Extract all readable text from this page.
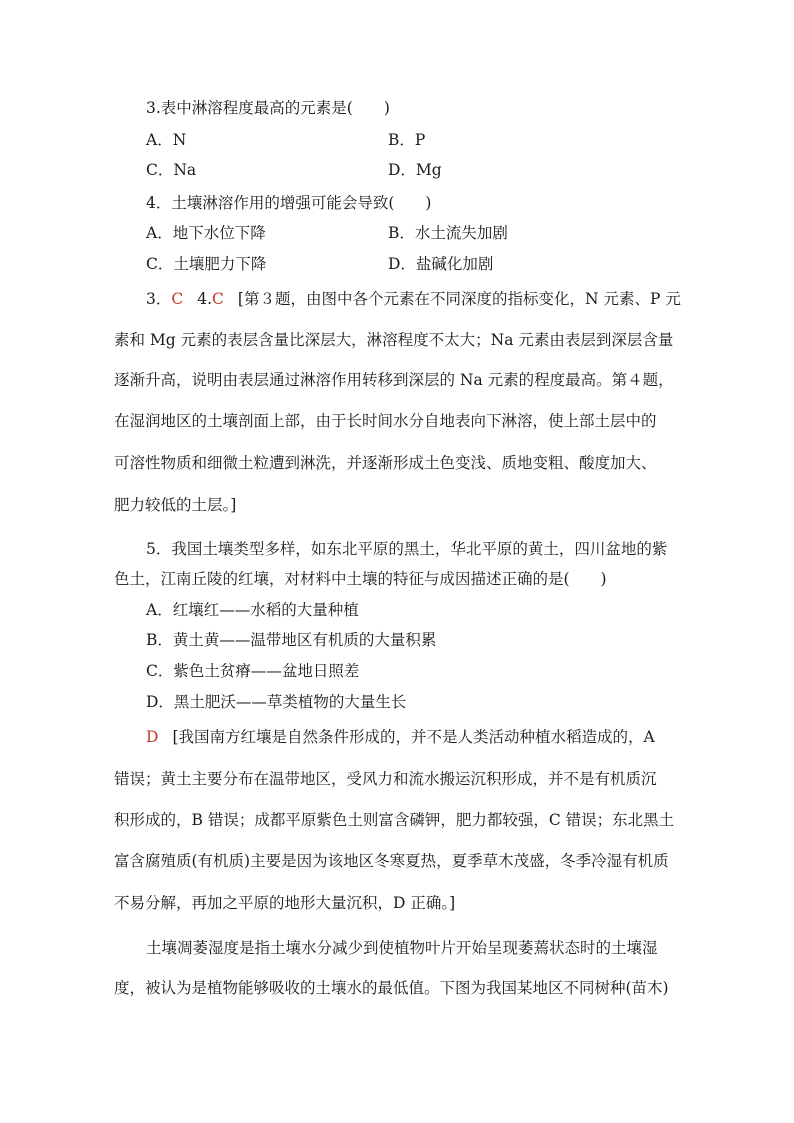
3.表中淋溶程度最高的元素是(　　)
A．N	B．P
C．Na	D．Mg
4．土壤淋溶作用的增强可能会导致(　　)
A．地下水位下降	B．水土流失加剧
C．土壤肥力下降	D．盐碱化加剧
3．C 4.C [第３题，由图中各个元素在不同深度的指标变化，N 元素、P 元
素和 Mg 元素的表层含量比深层大，淋溶程度不太大；Na 元素由表层到深层含量
逐渐升高，说明由表层通过淋溶作用转移到深层的 Na 元素的程度最高。第４题，
在湿润地区的土壤剖面上部，由于长时间水分自地表向下淋溶，使上部土层中的
可溶性物质和细微土粒遭到淋洗，并逐渐形成土色变浅、质地变粗、酸度加大、
肥力较低的土层。]
5．我国土壤类型多样，如东北平原的黑土，华北平原的黄土，四川盆地的紫
色土，江南丘陵的红壤，对材料中土壤的特征与成因描述正确的是(　　)
A．红壤红——水稻的大量种植
B．黄土黄——温带地区有机质的大量积累
C．紫色土贫瘠——盆地日照差
D．黑土肥沃——草类植物的大量生长
D [我国南方红壤是自然条件形成的，并不是人类活动种植水稻造成的，A
错误；黄土主要分布在温带地区，受风力和流水搬运沉积形成，并不是有机质沉
积形成的，B 错误；成都平原紫色土则富含磷钾，肥力都较强，C 错误；东北黑土
富含腐殖质(有机质)主要是因为该地区冬寒夏热，夏季草木茂盛，冬季冷湿有机质
不易分解，再加之平原的地形大量沉积，D 正确。]
土壤凋萎湿度是指土壤水分减少到使植物叶片开始呈现萎蔫状态时的土壤湿
度，被认为是植物能够吸收的土壤水的最低值。下图为我国某地区不同树种(苗木)
